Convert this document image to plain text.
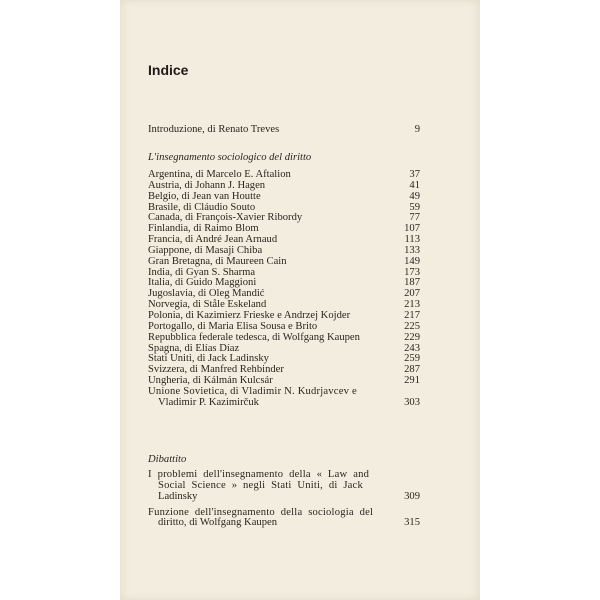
Indice
Introduzione, di Renato Treves	9
L'insegnamento sociologico del diritto
Argentina, di Marcelo E. Aftalion	37
Austria, di Johann J. Hagen	41
Belgio, di Jean van Houtte	49
Brasile, di Cláudio Souto	59
Canada, di François-Xavier Ribordy	77
Finlandia, di Raimo Blom	107
Francia, di André Jean Arnaud	113
Giappone, di Masaji Chiba	133
Gran Bretagna, di Maureen Cain	149
India, di Gyan S. Sharma	173
Italia, di Guido Maggioni	187
Jugoslavia, di Oleg Mandić	207
Norvegia, di Ståle Eskeland	213
Polonia, di Kazimierz Frieske e Andrzej Kojder	217
Portogallo, di Maria Elisa Sousa e Brito	225
Repubblica federale tedesca, di Wolfgang Kaupen	229
Spagna, di Elías Díaz	243
Stati Uniti, di Jack Ladinsky	259
Svizzera, di Manfred Rehbinder	287
Ungheria, di Kálmán Kulcsár	291
Unione Sovietica, di Vladimir N. Kudrjavcev e
Vladimir P. Kazimirčuk	303
Dibattito
I problemi dell'insegnamento della « Law and
Social Science » negli Stati Uniti, di Jack
Ladinsky	309
Funzione dell'insegnamento della sociologia del
diritto, di Wolfgang Kaupen	315
